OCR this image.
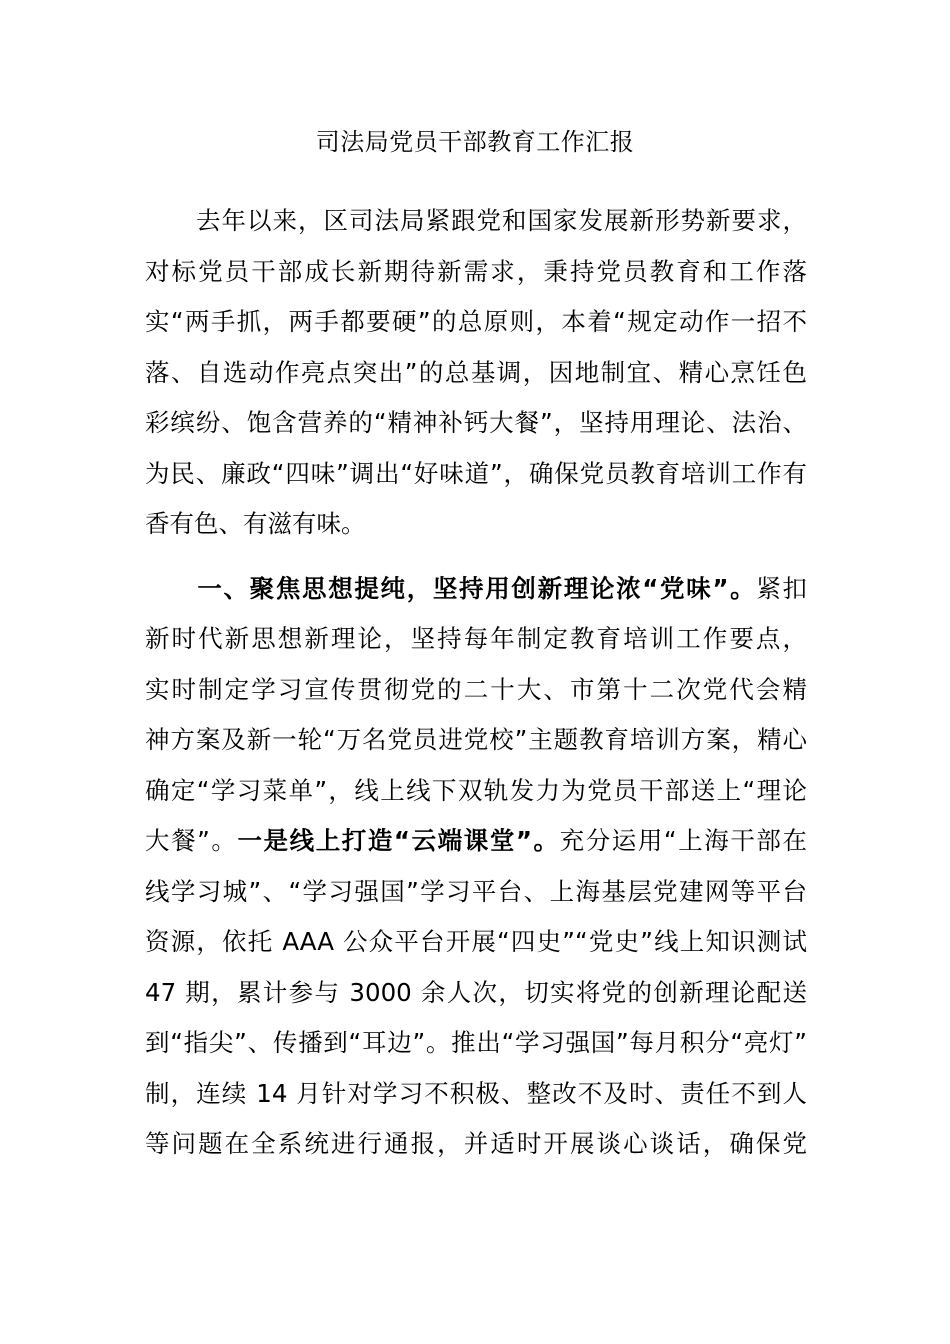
司法局党员干部教育工作汇报
　　去年以来，区司法局紧跟党和国家发展新形势新要求，
对标党员干部成长新期待新需求，秉持党员教育和工作落
实“两手抓，两手都要硬”的总原则，本着“规定动作一招不
落、自选动作亮点突出”的总基调，因地制宜、精心烹饪色
彩缤纷、饱含营养的“精神补钙大餐”，坚持用理论、法治、
为民、廉政“四味”调出“好味道”，确保党员教育培训工作有
香有色、有滋有味。
　　一、聚焦思想提纯，坚持用创新理论浓“党味”。紧扣
新时代新思想新理论，坚持每年制定教育培训工作要点，
实时制定学习宣传贯彻党的二十大、市第十二次党代会精
神方案及新一轮“万名党员进党校”主题教育培训方案，精心
确定“学习菜单”，线上线下双轨发力为党员干部送上“理论
大餐”。一是线上打造“云端课堂”。充分运用“上海干部在
线学习城”、“学习强国”学习平台、上海基层党建网等平台
资源，依托 AAA 公众平台开展“四史”“党史”线上知识测试
47 期，累计参与 3000 余人次，切实将党的创新理论配送
到“指尖”、传播到“耳边”。推出“学习强国”每月积分“亮灯”
制，连续 14 月针对学习不积极、整改不及时、责任不到人
等问题在全系统进行通报，并适时开展谈心谈话，确保党
